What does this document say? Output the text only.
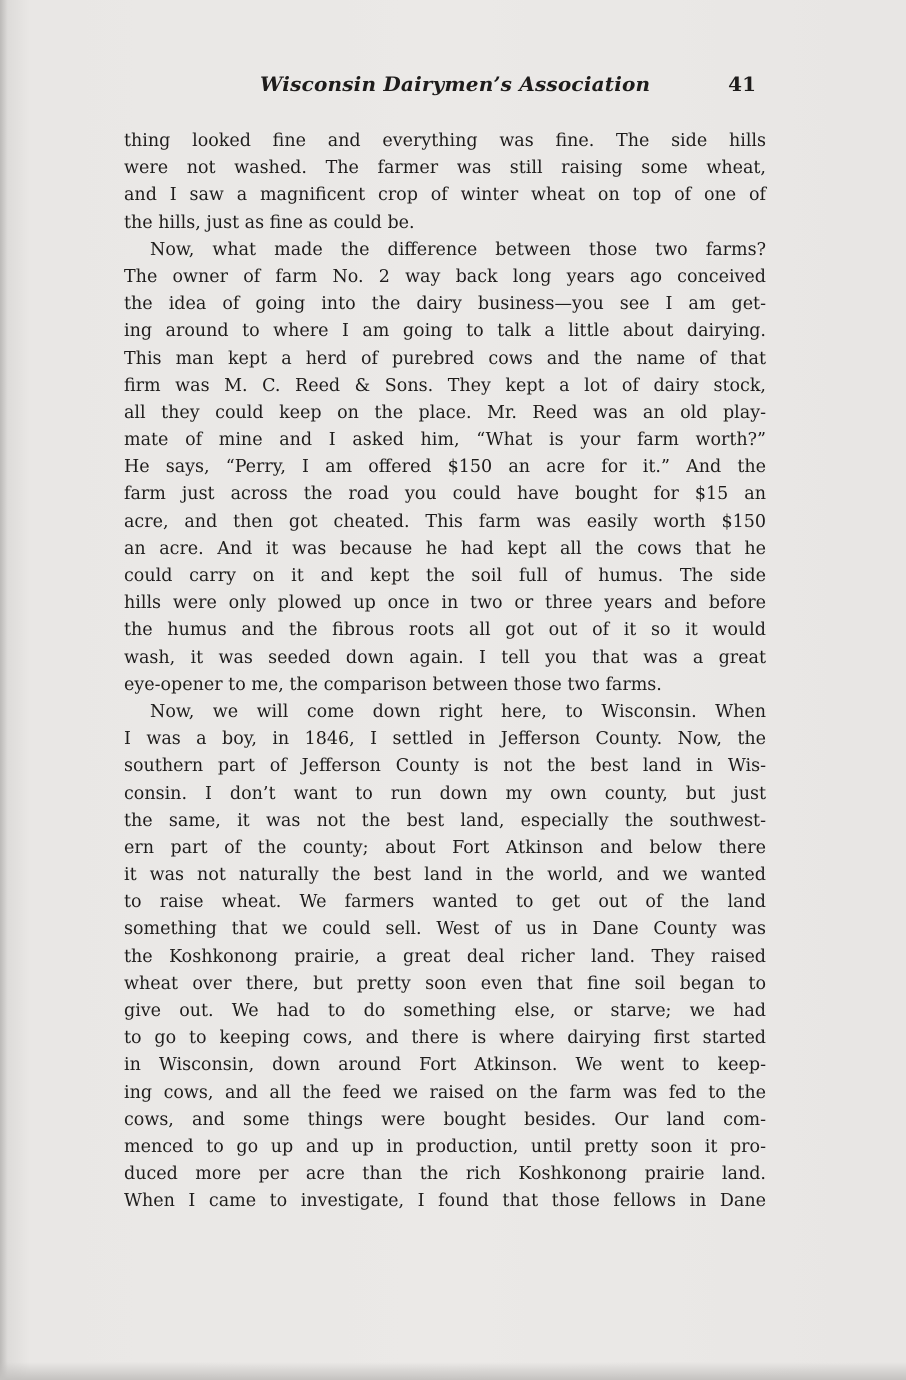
Wisconsin Dairymen’s Association	41
thing looked fine and everything was fine. The side hills
were not washed. The farmer was still raising some wheat,
and I saw a magnificent crop of winter wheat on top of one of
the hills, just as fine as could be.
Now, what made the difference between those two farms?
The owner of farm No. 2 way back long years ago conceived
the idea of going into the dairy business—you see I am get-
ing around to where I am going to talk a little about dairying.
This man kept a herd of purebred cows and the name of that
firm was M. C. Reed & Sons. They kept a lot of dairy stock,
all they could keep on the place. Mr. Reed was an old play-
mate of mine and I asked him, “What is your farm worth?”
He says, “Perry, I am offered $150 an acre for it.” And the
farm just across the road you could have bought for $15 an
acre, and then got cheated. This farm was easily worth $150
an acre. And it was because he had kept all the cows that he
could carry on it and kept the soil full of humus. The side
hills were only plowed up once in two or three years and before
the humus and the fibrous roots all got out of it so it would
wash, it was seeded down again. I tell you that was a great
eye-opener to me, the comparison between those two farms.
Now, we will come down right here, to Wisconsin. When
I was a boy, in 1846, I settled in Jefferson County. Now, the
southern part of Jefferson County is not the best land in Wis-
consin. I don’t want to run down my own county, but just
the same, it was not the best land, especially the southwest-
ern part of the county; about Fort Atkinson and below there
it was not naturally the best land in the world, and we wanted
to raise wheat. We farmers wanted to get out of the land
something that we could sell. West of us in Dane County was
the Koshkonong prairie, a great deal richer land. They raised
wheat over there, but pretty soon even that fine soil began to
give out. We had to do something else, or starve; we had
to go to keeping cows, and there is where dairying first started
in Wisconsin, down around Fort Atkinson. We went to keep-
ing cows, and all the feed we raised on the farm was fed to the
cows, and some things were bought besides. Our land com-
menced to go up and up in production, until pretty soon it pro-
duced more per acre than the rich Koshkonong prairie land.
When I came to investigate, I found that those fellows in Dane
